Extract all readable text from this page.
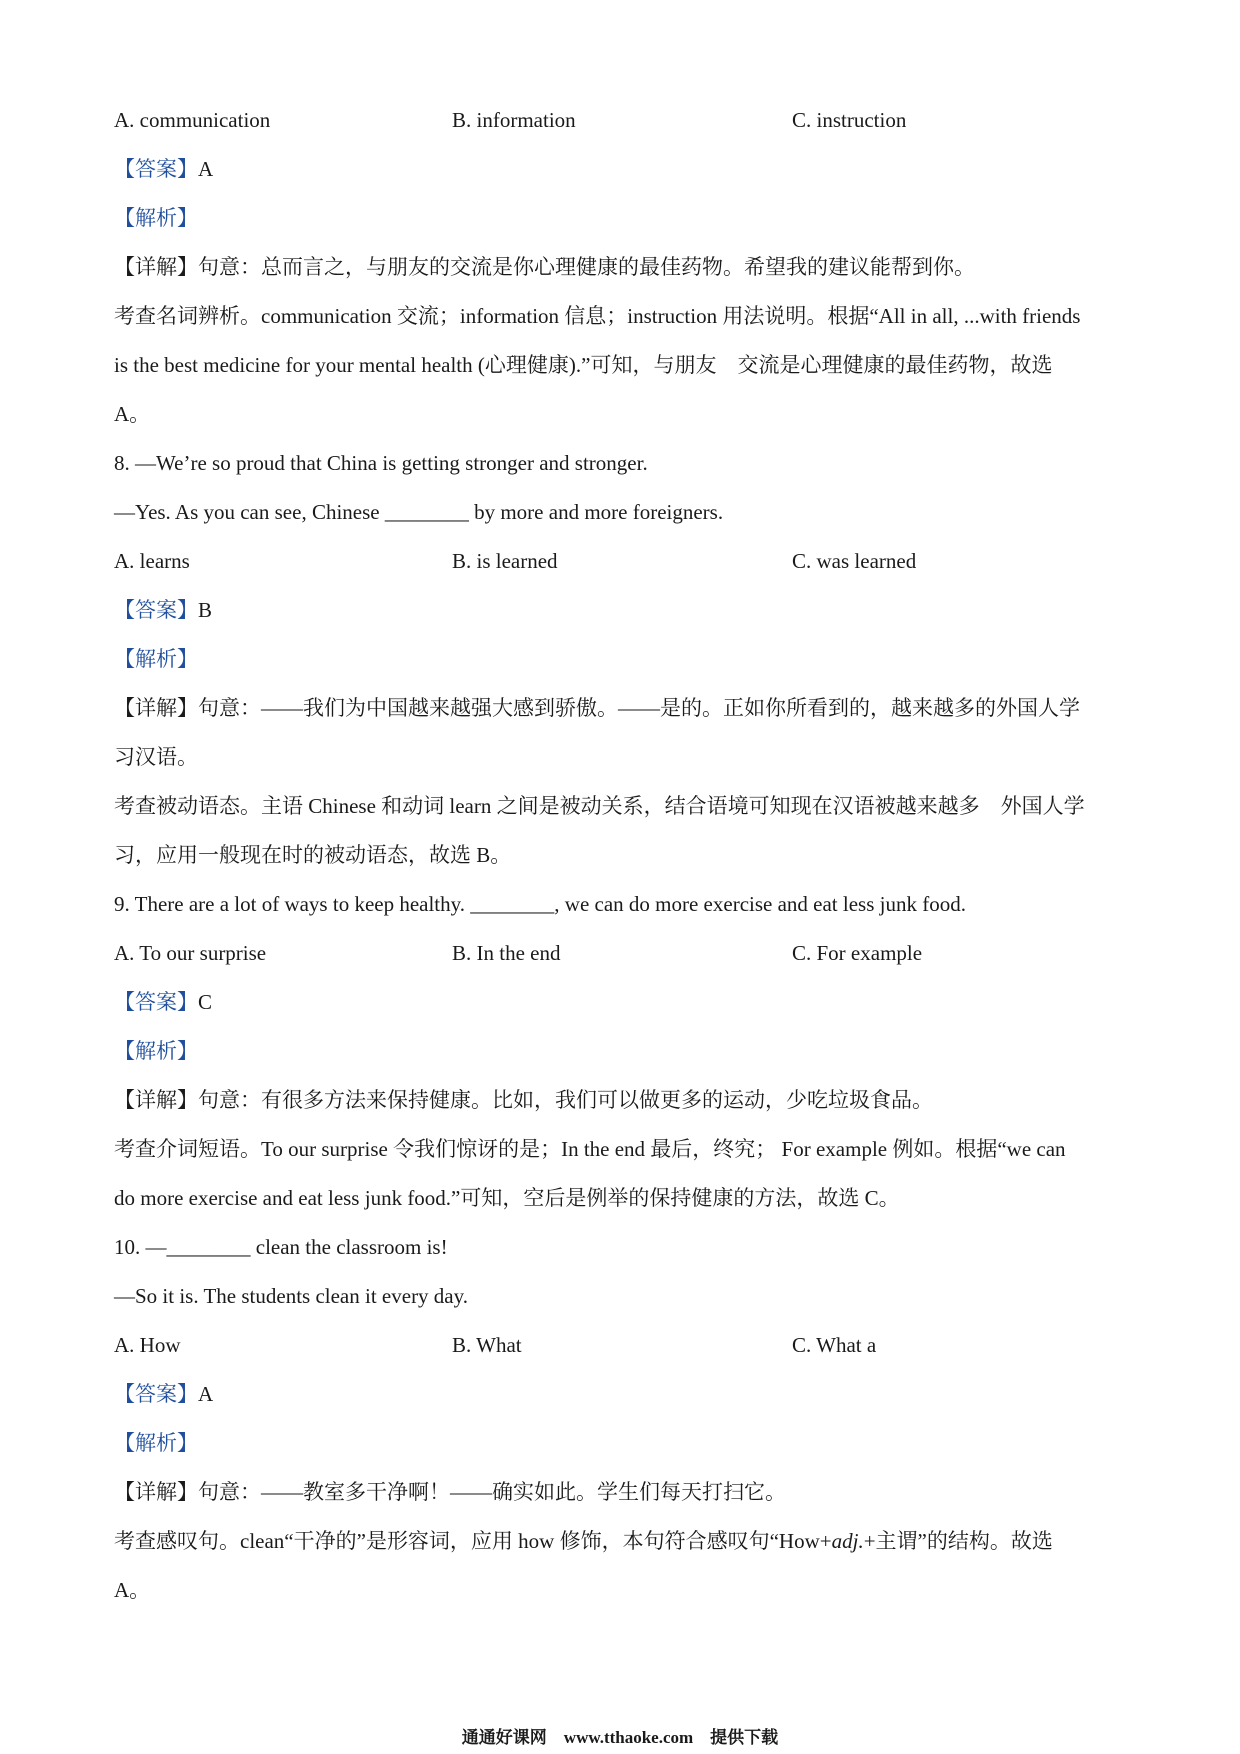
A. communication	B. information	C. instruction
【答案】A
【解析】
【详解】句意：总而言之，与朋友的交流是你心理健康的最佳药物。希望我的建议能帮到你。
考查名词辨析。communication 交流；information 信息；instruction 用法说明。根据“All in all, ...with friends
is the best medicine for your mental health (心理健康).”可知，与朋友　交流是心理健康的最佳药物，故选
A。
8. —We’re so proud that China is getting stronger and stronger.
—Yes. As you can see, Chinese ________ by more and more foreigners.
A. learns	B. is learned	C. was learned
【答案】B
【解析】
【详解】句意：——我们为中国越来越强大感到骄傲。——是的。正如你所看到的，越来越多的外国人学
习汉语。
考查被动语态。主语 Chinese 和动词 learn 之间是被动关系，结合语境可知现在汉语被越来越多　外国人学
习，应用一般现在时的被动语态，故选 B。
9. There are a lot of ways to keep healthy. ________, we can do more exercise and eat less junk food.
A. To our surprise	B. In the end	C. For example
【答案】C
【解析】
【详解】句意：有很多方法来保持健康。比如，我们可以做更多的运动，少吃垃圾食品。
考查介词短语。To our surprise 令我们惊讶的是；In the end 最后，终究； For example 例如。根据“we can
do more exercise and eat less junk food.”可知，空后是例举的保持健康的方法，故选 C。
10. —________ clean the classroom is!
—So it is. The students clean it every day.
A. How	B. What	C. What a
【答案】A
【解析】
【详解】句意：——教室多干净啊！——确实如此。学生们每天打扫它。
考查感叹句。clean“干净的”是形容词，应用 how 修饰，本句符合感叹句“How+adj.+主谓”的结构。故选
A。
通通好课网　www.tthaoke.com　提供下载
